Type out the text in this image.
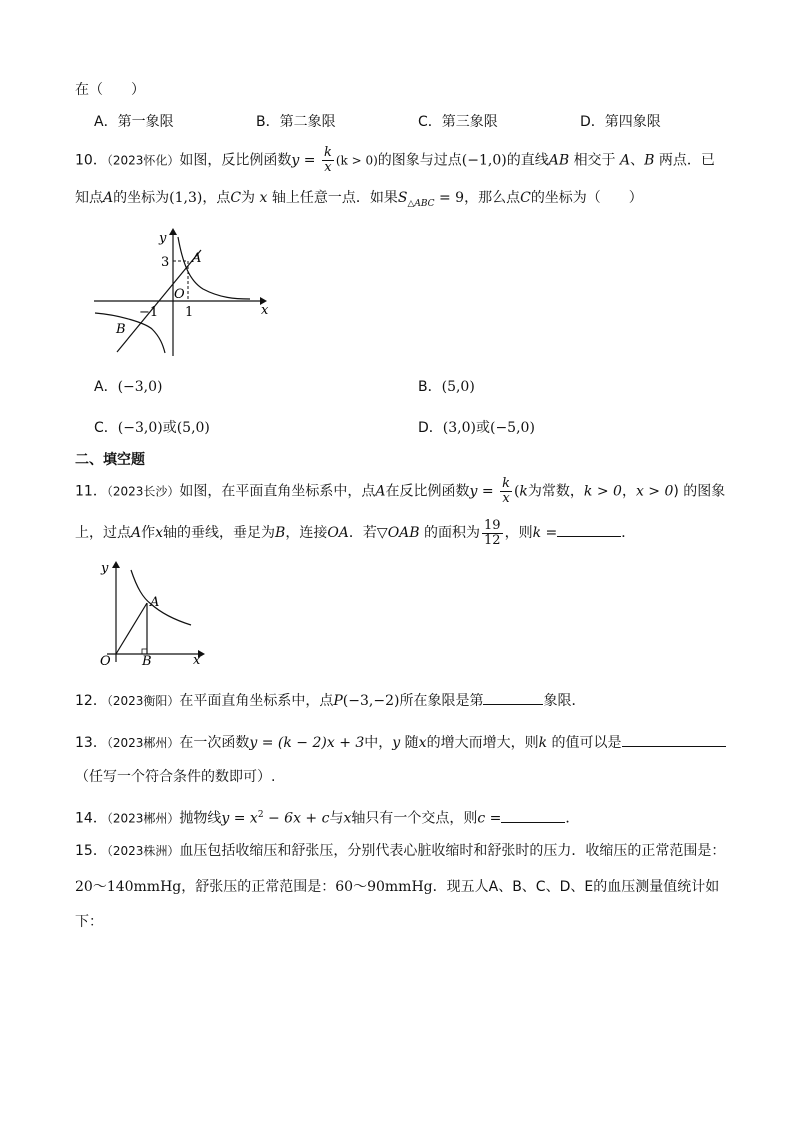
在（　　）
A．第一象限	B．第二象限	C．第三象限	D．第四象限
10．（2023怀化）如图，反比例函数$y = \frac{k}{x} (k > 0)$的图象与过点(−1,0)的直线AB 相交于 A、B 两点．已
知点A的坐标为(1,3)，点C为 x 轴上任意一点．如果$S_{\triangle ABC} = 9$，那么点C的坐标为（　　）
x
y
O
3
−1 1
A
B
A．(−3,0)	B．(5,0)
C．(−3,0)或(5,0)	D．(3,0)或(−5,0)
二、填空题
11．（2023长沙）如图，在平面直角坐标系中，点A在反比例函数$y = \frac{k}{x} (k$为常数，k > 0，x > 0) 的图象
上，过点A作x轴的垂线，垂足为B，连接OA．若▽OAB 的面积为 $\frac{19}{12}$ ，则k =	．
x
y
O
A
B
12．（2023衡阳）在平面直角坐标系中，点P(−3,−2)所在象限是第	象限．
13．（2023郴州）在一次函数y = (k − 2)x + 3中，y 随x的增大而增大，则k 的值可以是
（任写一个符合条件的数即可）.
14．（2023郴州）抛物线$y = x^2 - 6x + c$与x轴只有一个交点，则c =	．
15．（2023株洲）血压包括收缩压和舒张压，分别代表心脏收缩时和舒张时的压力．收缩压的正常范围是：
20～140mmHg，舒张压的正常范围是：60～90mmHg．现五人A、B、C、D、E的血压测量值统计如
下：
